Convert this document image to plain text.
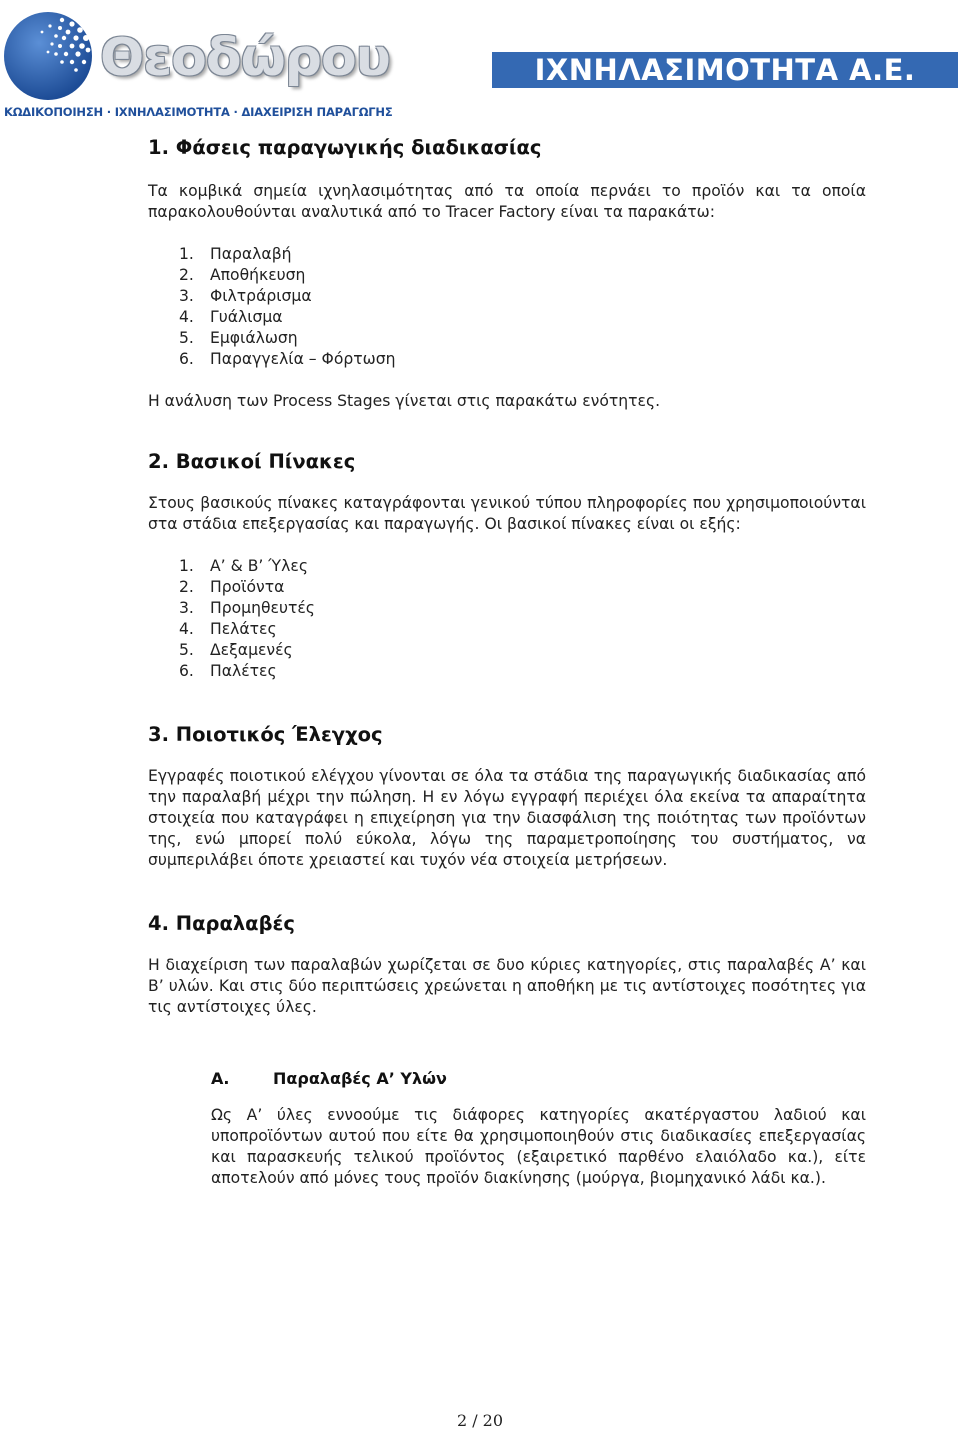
Θεοδώρου
ΚΩΔΙΚΟΠΟΙΗΣΗ · ΙΧΝΗΛΑΣΙΜΟΤΗΤΑ · ΔΙΑΧΕΙΡΙΣΗ ΠΑΡΑΓΩΓΗΣ
ΙΧΝΗΛΑΣΙΜΟΤΗΤΑ Α.Ε.
1. Φάσεις παραγωγικής διαδικασίας

Τα κομβικά σημεία ιχνηλασιμότητας από τα οποία περνάει το προϊόν και τα οποία παρακολουθούνται αναλυτικά από το Tracer Factory είναι τα παρακάτω:

1.	Παραλαβή
2.	Αποθήκευση
3.	Φιλτράρισμα
4.	Γυάλισμα
5.	Εμφιάλωση
6.	Παραγγελία – Φόρτωση

Η ανάλυση των Process Stages γίνεται στις παρακάτω ενότητες.

2. Βασικοί Πίνακες

Στους βασικούς πίνακες καταγράφονται γενικού τύπου πληροφορίες που χρησιμοποιούνται στα στάδια επεξεργασίας και παραγωγής. Οι βασικοί πίνακες είναι οι εξής:

1.	Α’ & Β’ Ύλες
2.	Προϊόντα
3.	Προμηθευτές
4.	Πελάτες
5.	Δεξαμενές
6.	Παλέτες
3. Ποιοτικός Έλεγχος

Εγγραφές ποιοτικού ελέγχου γίνονται σε όλα τα στάδια της παραγωγικής διαδικασίας από την παραλαβή μέχρι την πώληση. Η εν λόγω εγγραφή περιέχει όλα εκείνα τα απαραίτητα στοιχεία που καταγράφει η επιχείρηση για την διασφάλιση της ποιότητας των προϊόντων της, ενώ μπορεί πολύ εύκολα, λόγω της παραμετροποίησης του συστήματος, να συμπεριλάβει όποτε χρειαστεί και τυχόν νέα στοιχεία μετρήσεων.

4. Παραλαβές

Η διαχείριση των παραλαβών χωρίζεται σε δυο κύριες κατηγορίες, στις παραλαβές Α’ και Β’ υλών. Και στις δύο περιπτώσεις χρεώνεται η αποθήκη με τις αντίστοιχες ποσότητες για τις αντίστοιχες ύλες.

Α.	Παραλαβές Α’ Υλών

Ως Α’ ύλες εννοούμε τις διάφορες κατηγορίες ακατέργαστου λαδιού και υποπροϊόντων αυτού που είτε θα χρησιμοποιηθούν στις διαδικασίες επεξεργασίας και παρασκευής τελικού προϊόντος (εξαιρετικό παρθένο ελαιόλαδο κα.), είτε αποτελούν από μόνες τους προϊόν διακίνησης (μούργα, βιομηχανικό λάδι κα.).

2 / 20
